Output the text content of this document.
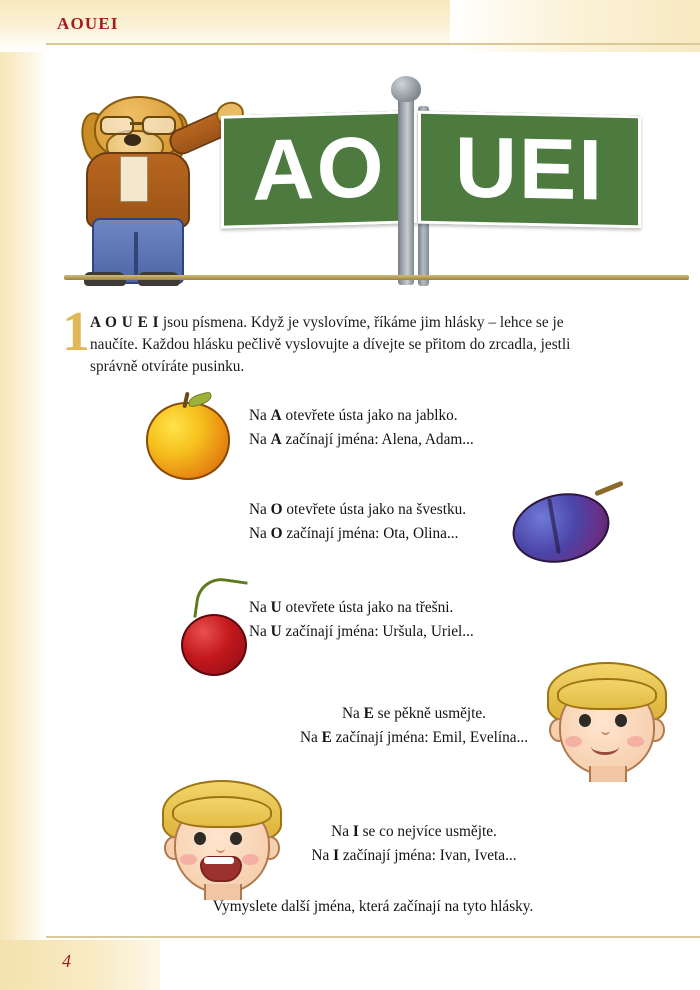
AOUEI
AO UEI
1 A O U E I jsou písmena. Když je vyslovíme, říkáme jim hlásky – lehce se je naučíte. Každou hlásku pečlivě vyslovujte a dívejte se přitom do zrcadla, jestli správně otvíráte pusinku.
Na A otevřete ústa jako na jablko.
Na A začínají jména: Alena, Adam...
Na O otevřete ústa jako na švestku.
Na O začínají jména: Ota, Olina...
Na U otevřete ústa jako na třešni.
Na U začínají jména: Uršula, Uriel...
Na E se pěkně usmějte.
Na E začínají jména: Emil, Evelína...
Na I se co nejvíce usmějte.
Na I začínají jména: Ivan, Iveta...
Vymyslete další jména, která začínají na tyto hlásky.
4
